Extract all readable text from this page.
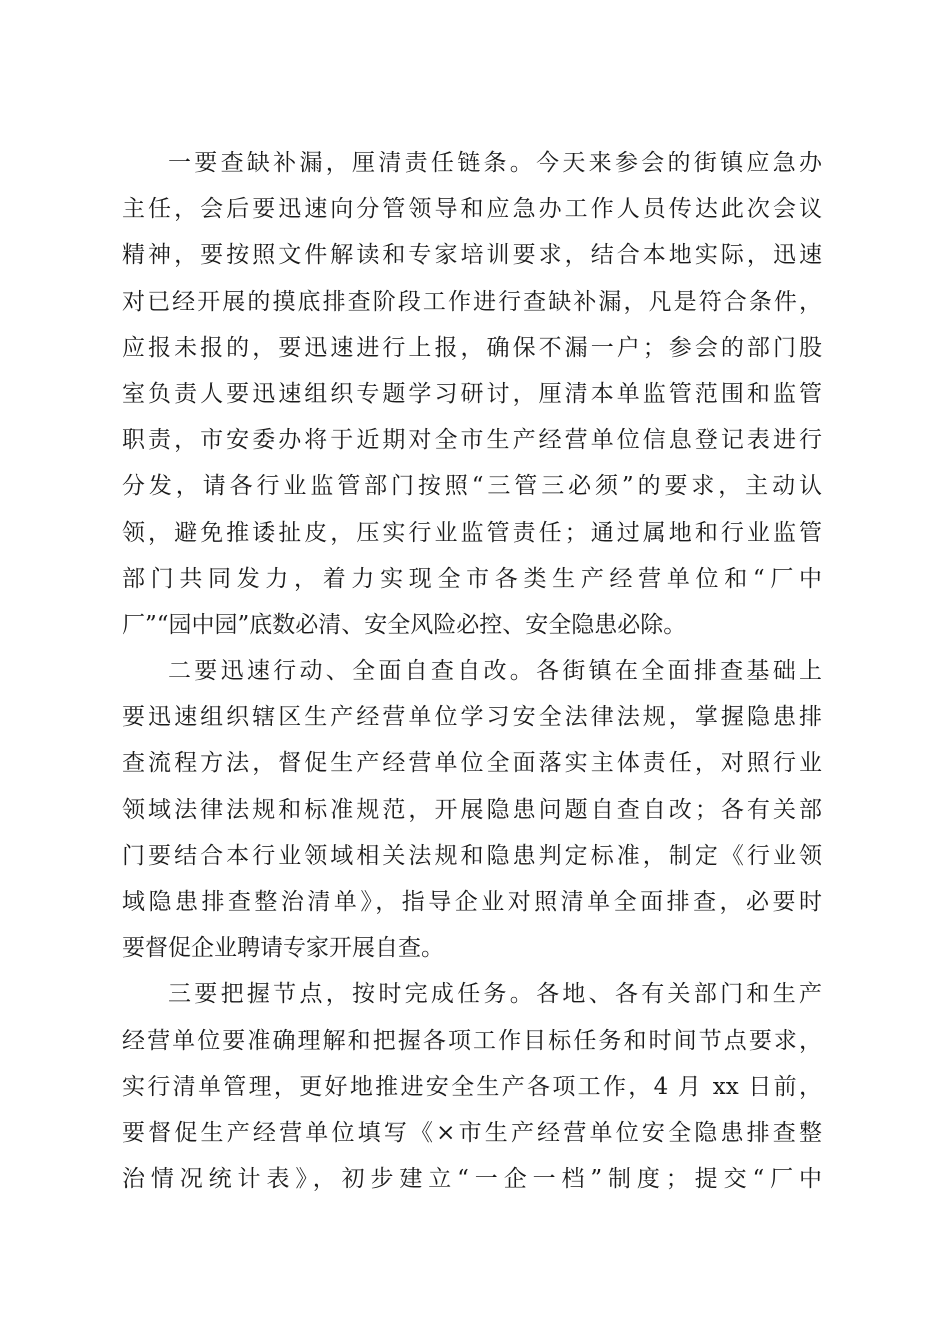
一要查缺补漏，厘清责任链条。今天来参会的街镇应急办
主任，会后要迅速向分管领导和应急办工作人员传达此次会议
精神，要按照文件解读和专家培训要求，结合本地实际，迅速
对已经开展的摸底排查阶段工作进行查缺补漏，凡是符合条件，
应报未报的，要迅速进行上报，确保不漏一户；参会的部门股
室负责人要迅速组织专题学习研讨，厘清本单监管范围和监管
职责，市安委办将于近期对全市生产经营单位信息登记表进行
分发，请各行业监管部门按照“三管三必须”的要求，主动认
领，避免推诿扯皮，压实行业监管责任；通过属地和行业监管
部门共同发力，着力实现全市各类生产经营单位和“厂中
厂”“园中园”底数必清、安全风险必控、安全隐患必除。
二要迅速行动、全面自查自改。各街镇在全面排查基础上
要迅速组织辖区生产经营单位学习安全法律法规，掌握隐患排
查流程方法，督促生产经营单位全面落实主体责任，对照行业
领域法律法规和标准规范，开展隐患问题自查自改；各有关部
门要结合本行业领域相关法规和隐患判定标准，制定《行业领
域隐患排查整治清单》，指导企业对照清单全面排查，必要时
要督促企业聘请专家开展自查。
三要把握节点，按时完成任务。各地、各有关部门和生产
经营单位要准确理解和把握各项工作目标任务和时间节点要求，
实行清单管理，更好地推进安全生产各项工作，4 月 xx 日前，
要督促生产经营单位填写《×市生产经营单位安全隐患排查整
治情况统计表》，初步建立“一企一档”制度；提交“厂中
